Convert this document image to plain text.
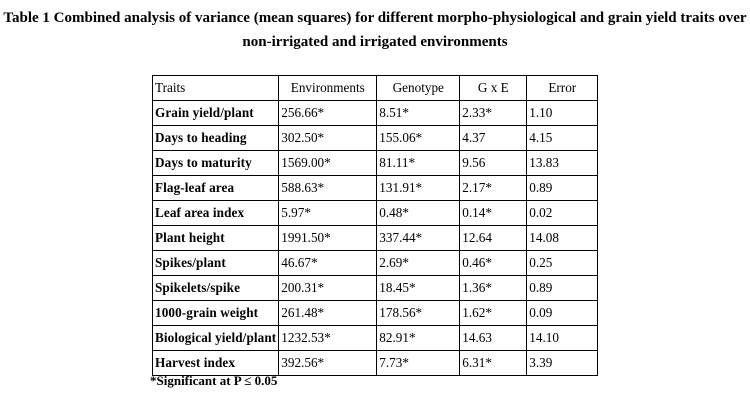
Table 1 Combined analysis of variance (mean squares) for different morpho-physiological and grain yield traits over
non-irrigated and irrigated environments
Traits	Environments	Genotype	G x E	Error
Grain yield/plant	256.66*	8.51*	2.33*	1.10
Days to heading	302.50*	155.06*	4.37	4.15
Days to maturity	1569.00*	81.11*	9.56	13.83
Flag-leaf area	588.63*	131.91*	2.17*	0.89
Leaf area index	5.97*	0.48*	0.14*	0.02
Plant height	1991.50*	337.44*	12.64	14.08
Spikes/plant	46.67*	2.69*	0.46*	0.25
Spikelets/spike	200.31*	18.45*	1.36*	0.89
1000-grain weight	261.48*	178.56*	1.62*	0.09
Biological yield/plant	1232.53*	82.91*	14.63	14.10
Harvest index	392.56*	7.73*	6.31*	3.39
*Significant at P ≤ 0.05
